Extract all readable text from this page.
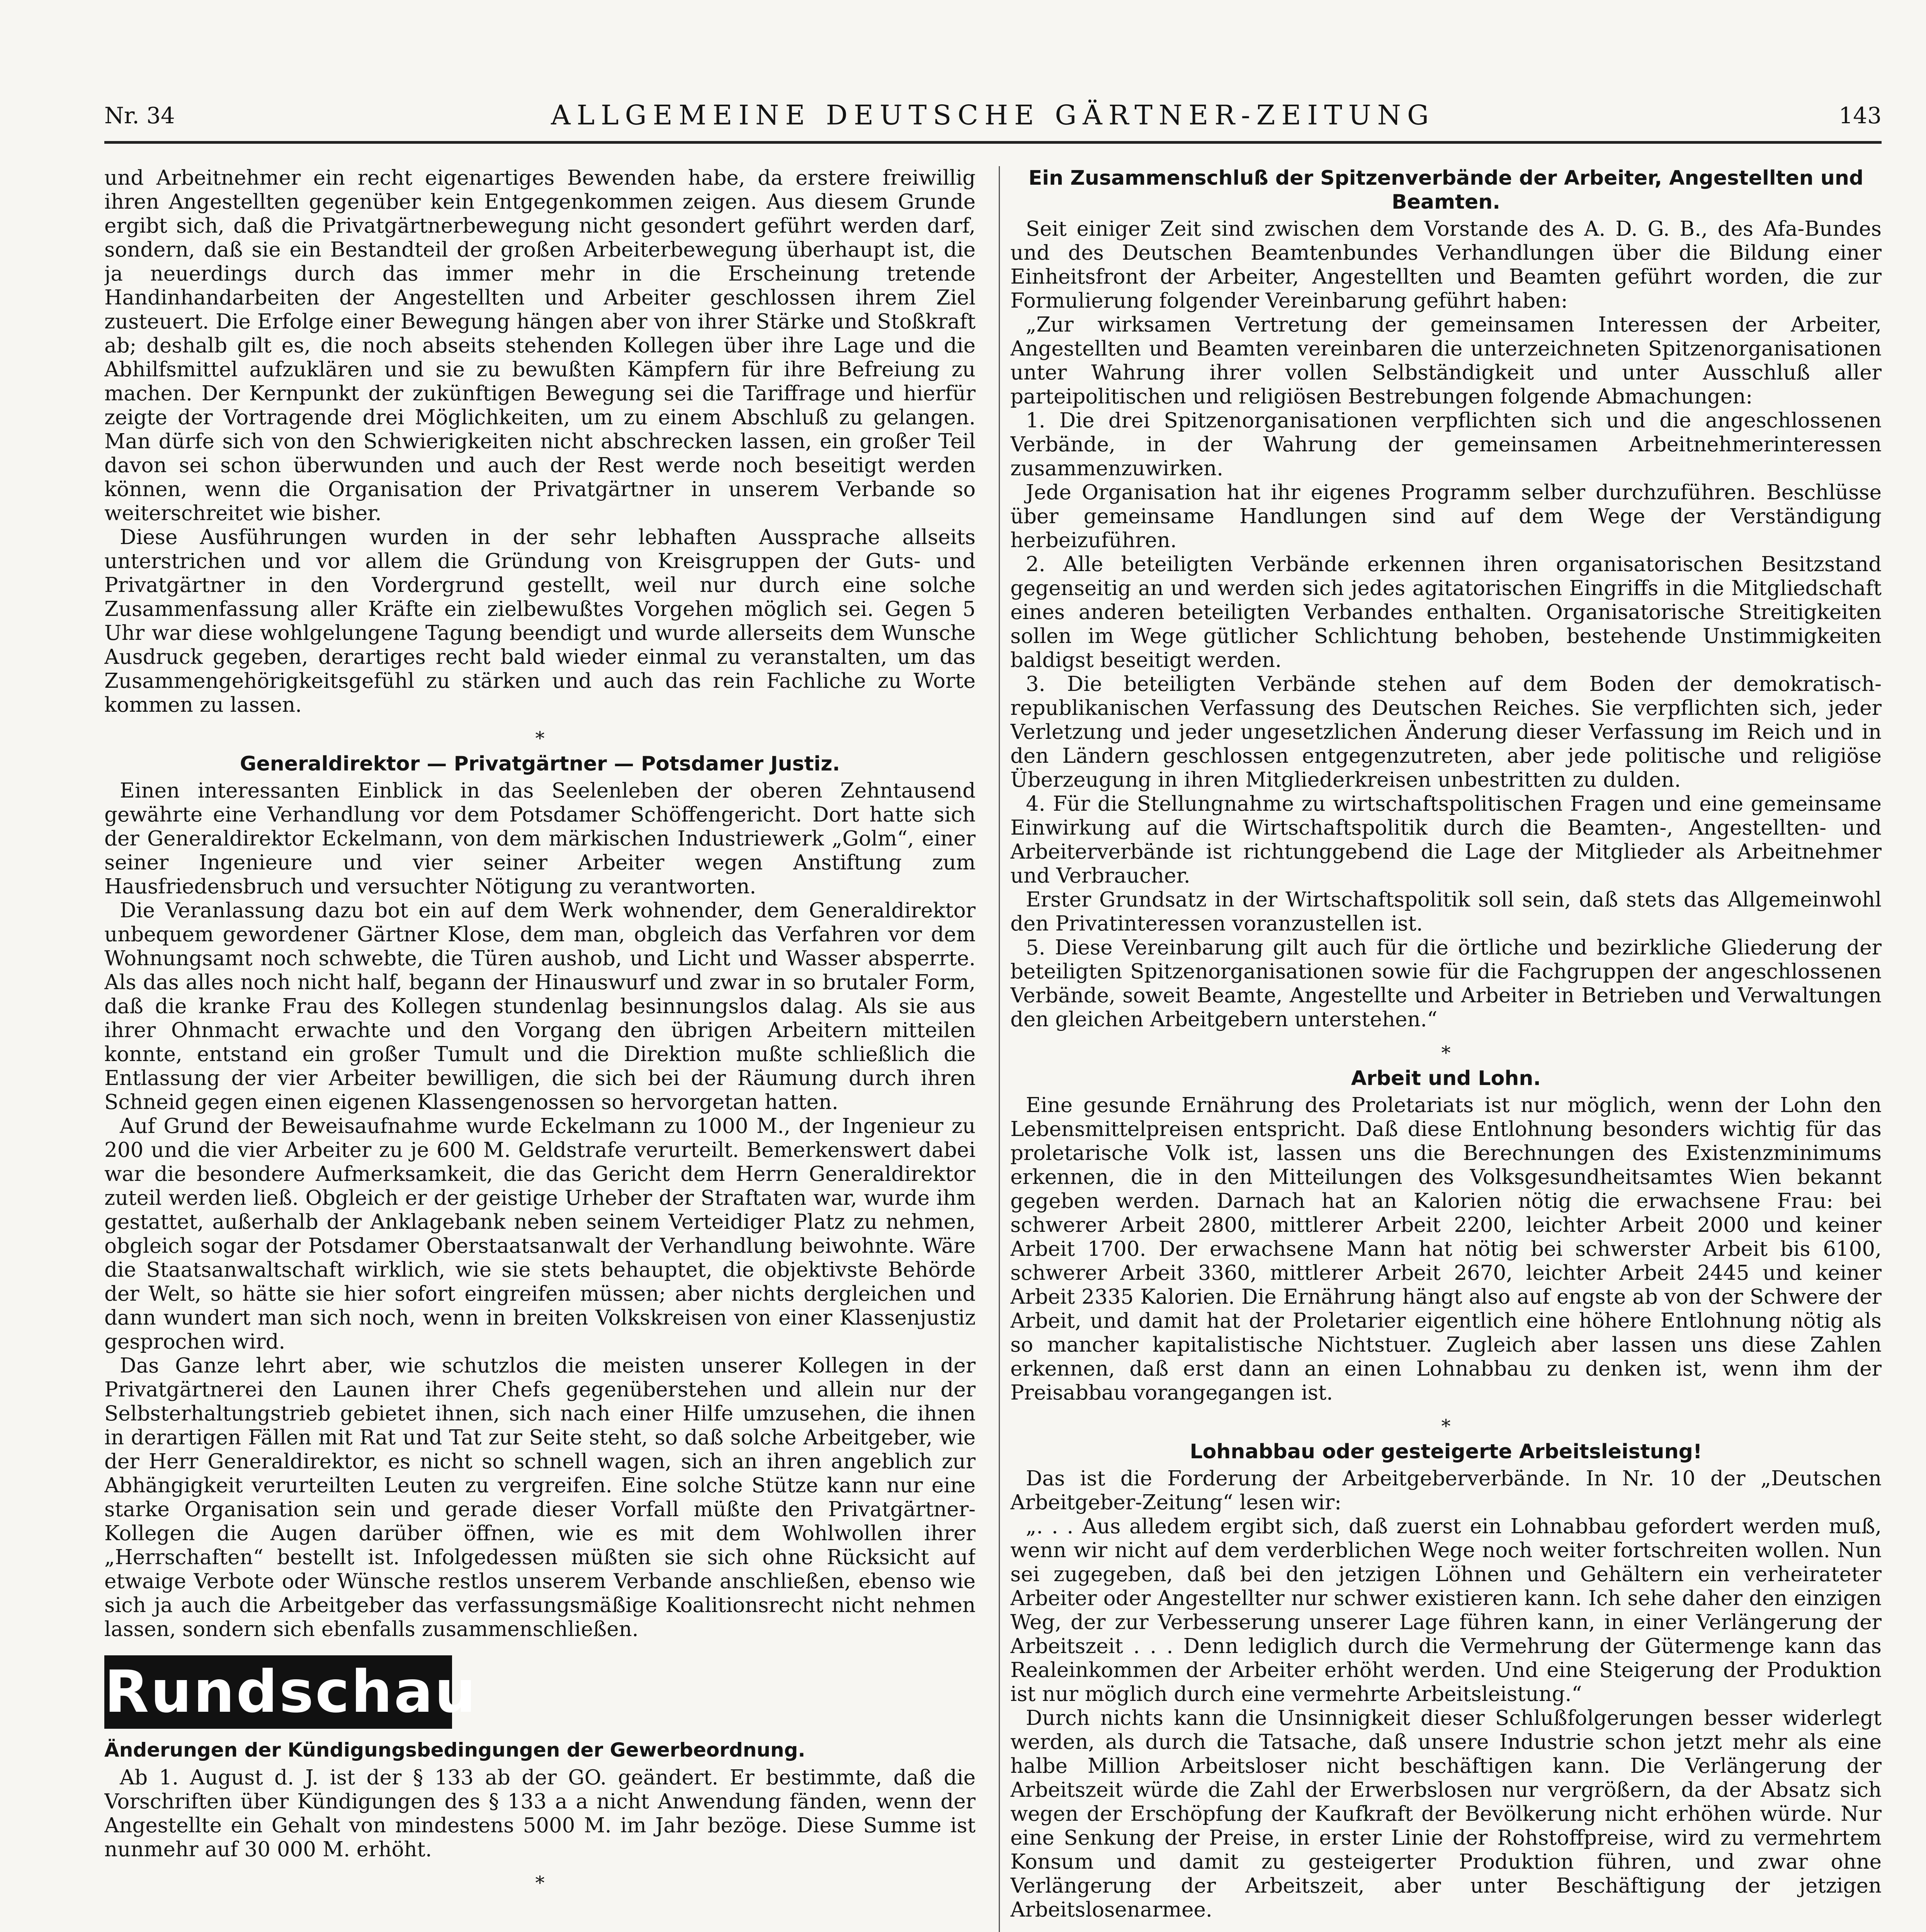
Nr. 34	ALLGEMEINE DEUTSCHE GÄRTNER-ZEITUNG	143

und Arbeitnehmer ein recht eigenartiges Bewenden habe, da erstere freiwillig ihren Angestellten gegenüber kein Entgegenkommen zeigen. Aus diesem Grunde ergibt sich, daß die Privatgärtnerbewegung nicht gesondert geführt werden darf, sondern, daß sie ein Bestandteil der großen Arbeiterbewegung überhaupt ist, die ja neuerdings durch das immer mehr in die Erscheinung tretende Handinhandarbeiten der Angestellten und Arbeiter geschlossen ihrem Ziel zusteuert. Die Erfolge einer Bewegung hängen aber von ihrer Stärke und Stoßkraft ab; deshalb gilt es, die noch abseits stehenden Kollegen über ihre Lage und die Abhilfsmittel aufzuklären und sie zu bewußten Kämpfern für ihre Befreiung zu machen. Der Kernpunkt der zukünftigen Bewegung sei die Tariffrage und hierfür zeigte der Vortragende drei Möglichkeiten, um zu einem Abschluß zu gelangen. Man dürfe sich von den Schwierigkeiten nicht abschrecken lassen, ein großer Teil davon sei schon überwunden und auch der Rest werde noch beseitigt werden können, wenn die Organisation der Privatgärtner in unserem Verbande so weiterschreitet wie bisher.

Diese Ausführungen wurden in der sehr lebhaften Aussprache allseits unterstrichen und vor allem die Gründung von Kreisgruppen der Guts- und Privatgärtner in den Vordergrund gestellt, weil nur durch eine solche Zusammenfassung aller Kräfte ein zielbewußtes Vorgehen möglich sei. Gegen 5 Uhr war diese wohlgelungene Tagung beendigt und wurde allerseits dem Wunsche Ausdruck gegeben, derartiges recht bald wieder einmal zu veranstalten, um das Zusammengehörigkeitsgefühl zu stärken und auch das rein Fachliche zu Worte kommen zu lassen.

*
Generaldirektor — Privatgärtner — Potsdamer Justiz.

Einen interessanten Einblick in das Seelenleben der oberen Zehntausend gewährte eine Verhandlung vor dem Potsdamer Schöffengericht. Dort hatte sich der Generaldirektor Eckelmann, von dem märkischen Industriewerk „Golm“, einer seiner Ingenieure und vier seiner Arbeiter wegen Anstiftung zum Hausfriedensbruch und versuchter Nötigung zu verantworten.

Die Veranlassung dazu bot ein auf dem Werk wohnender, dem Generaldirektor unbequem gewordener Gärtner Klose, dem man, obgleich das Verfahren vor dem Wohnungsamt noch schwebte, die Türen aushob, und Licht und Wasser absperrte. Als das alles noch nicht half, begann der Hinauswurf und zwar in so brutaler Form, daß die kranke Frau des Kollegen stundenlag besinnungslos dalag. Als sie aus ihrer Ohnmacht erwachte und den Vorgang den übrigen Arbeitern mitteilen konnte, entstand ein großer Tumult und die Direktion mußte schließlich die Entlassung der vier Arbeiter bewilligen, die sich bei der Räumung durch ihren Schneid gegen einen eigenen Klassengenossen so hervorgetan hatten.

Auf Grund der Beweisaufnahme wurde Eckelmann zu 1000 M., der Ingenieur zu 200 und die vier Arbeiter zu je 600 M. Geldstrafe verurteilt. Bemerkenswert dabei war die besondere Aufmerksamkeit, die das Gericht dem Herrn Generaldirektor zuteil werden ließ. Obgleich er der geistige Urheber der Straftaten war, wurde ihm gestattet, außerhalb der Anklagebank neben seinem Verteidiger Platz zu nehmen, obgleich sogar der Potsdamer Oberstaatsanwalt der Verhandlung beiwohnte. Wäre die Staatsanwaltschaft wirklich, wie sie stets behauptet, die objektivste Behörde der Welt, so hätte sie hier sofort eingreifen müssen; aber nichts dergleichen und dann wundert man sich noch, wenn in breiten Volkskreisen von einer Klassenjustiz gesprochen wird.

Das Ganze lehrt aber, wie schutzlos die meisten unserer Kollegen in der Privatgärtnerei den Launen ihrer Chefs gegenüberstehen und allein nur der Selbsterhaltungstrieb gebietet ihnen, sich nach einer Hilfe umzusehen, die ihnen in derartigen Fällen mit Rat und Tat zur Seite steht, so daß solche Arbeitgeber, wie der Herr Generaldirektor, es nicht so schnell wagen, sich an ihren angeblich zur Abhängigkeit verurteilten Leuten zu vergreifen. Eine solche Stütze kann nur eine starke Organisation sein und gerade dieser Vorfall müßte den Privatgärtner-Kollegen die Augen darüber öffnen, wie es mit dem Wohlwollen ihrer „Herrschaften“ bestellt ist. Infolgedessen müßten sie sich ohne Rücksicht auf etwaige Verbote oder Wünsche restlos unserem Verbande anschließen, ebenso wie sich ja auch die Arbeitgeber das verfassungsmäßige Koalitionsrecht nicht nehmen lassen, sondern sich ebenfalls zusammenschließen.

Rundschau
Änderungen der Kündigungsbedingungen der Gewerbeordnung.

Ab 1. August d. J. ist der § 133 ab der GO. geändert. Er bestimmte, daß die Vorschriften über Kündigungen des § 133 a a nicht Anwendung fänden, wenn der Angestellte ein Gehalt von mindestens 5000 M. im Jahr bezöge. Diese Summe ist nunmehr auf 30 000 M. erhöht.

*
Ein Zusammenschluß der Spitzenverbände der Arbeiter, Angestellten und Beamten.

Seit einiger Zeit sind zwischen dem Vorstande des A. D. G. B., des Afa-Bundes und des Deutschen Beamtenbundes Verhandlungen über die Bildung einer Einheitsfront der Arbeiter, Angestellten und Beamten geführt worden, die zur Formulierung folgender Vereinbarung geführt haben:

„Zur wirksamen Vertretung der gemeinsamen Interessen der Arbeiter, Angestellten und Beamten vereinbaren die unterzeichneten Spitzenorganisationen unter Wahrung ihrer vollen Selbständigkeit und unter Ausschluß aller parteipolitischen und religiösen Bestrebungen folgende Abmachungen:

1. Die drei Spitzenorganisationen verpflichten sich und die angeschlossenen Verbände, in der Wahrung der gemeinsamen Arbeitnehmerinteressen zusammenzuwirken.

Jede Organisation hat ihr eigenes Programm selber durchzuführen. Beschlüsse über gemeinsame Handlungen sind auf dem Wege der Verständigung herbeizuführen.

2. Alle beteiligten Verbände erkennen ihren organisatorischen Besitzstand gegenseitig an und werden sich jedes agitatorischen Eingriffs in die Mitgliedschaft eines anderen beteiligten Verbandes enthalten. Organisatorische Streitigkeiten sollen im Wege gütlicher Schlichtung behoben, bestehende Unstimmigkeiten baldigst beseitigt werden.

3. Die beteiligten Verbände stehen auf dem Boden der demokratisch-republikanischen Verfassung des Deutschen Reiches. Sie verpflichten sich, jeder Verletzung und jeder ungesetzlichen Änderung dieser Verfassung im Reich und in den Ländern geschlossen entgegenzutreten, aber jede politische und religiöse Überzeugung in ihren Mitgliederkreisen unbestritten zu dulden.

4. Für die Stellungnahme zu wirtschaftspolitischen Fragen und eine gemeinsame Einwirkung auf die Wirtschaftspolitik durch die Beamten-, Angestellten- und Arbeiterverbände ist richtunggebend die Lage der Mitglieder als Arbeitnehmer und Verbraucher.

Erster Grundsatz in der Wirtschaftspolitik soll sein, daß stets das Allgemeinwohl den Privatinteressen voranzustellen ist.

5. Diese Vereinbarung gilt auch für die örtliche und bezirkliche Gliederung der beteiligten Spitzenorganisationen sowie für die Fachgruppen der angeschlossenen Verbände, soweit Beamte, Angestellte und Arbeiter in Betrieben und Verwaltungen den gleichen Arbeitgebern unterstehen.“

*
Arbeit und Lohn.

Eine gesunde Ernährung des Proletariats ist nur möglich, wenn der Lohn den Lebensmittelpreisen entspricht. Daß diese Entlohnung besonders wichtig für das proletarische Volk ist, lassen uns die Berechnungen des Existenzminimums erkennen, die in den Mitteilungen des Volksgesundheitsamtes Wien bekannt gegeben werden. Darnach hat an Kalorien nötig die erwachsene Frau: bei schwerer Arbeit 2800, mittlerer Arbeit 2200, leichter Arbeit 2000 und keiner Arbeit 1700. Der erwachsene Mann hat nötig bei schwerster Arbeit bis 6100, schwerer Arbeit 3360, mittlerer Arbeit 2670, leichter Arbeit 2445 und keiner Arbeit 2335 Kalorien. Die Ernährung hängt also auf engste ab von der Schwere der Arbeit, und damit hat der Proletarier eigentlich eine höhere Entlohnung nötig als so mancher kapitalistische Nichtstuer. Zugleich aber lassen uns diese Zahlen erkennen, daß erst dann an einen Lohnabbau zu denken ist, wenn ihm der Preisabbau vorangegangen ist.

*
Lohnabbau oder gesteigerte Arbeitsleistung!

Das ist die Forderung der Arbeitgeberverbände. In Nr. 10 der „Deutschen Arbeitgeber-Zeitung“ lesen wir:

„. . . Aus alledem ergibt sich, daß zuerst ein Lohnabbau gefordert werden muß, wenn wir nicht auf dem verderblichen Wege noch weiter fortschreiten wollen. Nun sei zugegeben, daß bei den jetzigen Löhnen und Gehältern ein verheirateter Arbeiter oder Angestellter nur schwer existieren kann. Ich sehe daher den einzigen Weg, der zur Verbesserung unserer Lage führen kann, in einer Verlängerung der Arbeitszeit . . . Denn lediglich durch die Vermehrung der Gütermenge kann das Realeinkommen der Arbeiter erhöht werden. Und eine Steigerung der Produktion ist nur möglich durch eine vermehrte Arbeitsleistung.“

Durch nichts kann die Unsinnigkeit dieser Schlußfolgerungen besser widerlegt werden, als durch die Tatsache, daß unsere Industrie schon jetzt mehr als eine halbe Million Arbeitsloser nicht beschäftigen kann. Die Verlängerung der Arbeitszeit würde die Zahl der Erwerbslosen nur vergrößern, da der Absatz sich wegen der Erschöpfung der Kaufkraft der Bevölkerung nicht erhöhen würde. Nur eine Senkung der Preise, in erster Linie der Rohstoffpreise, wird zu vermehrtem Konsum und damit zu gesteigerter Produktion führen, und zwar ohne Verlängerung der Arbeitszeit, aber unter Beschäftigung der jetzigen Arbeitslosenarmee.
